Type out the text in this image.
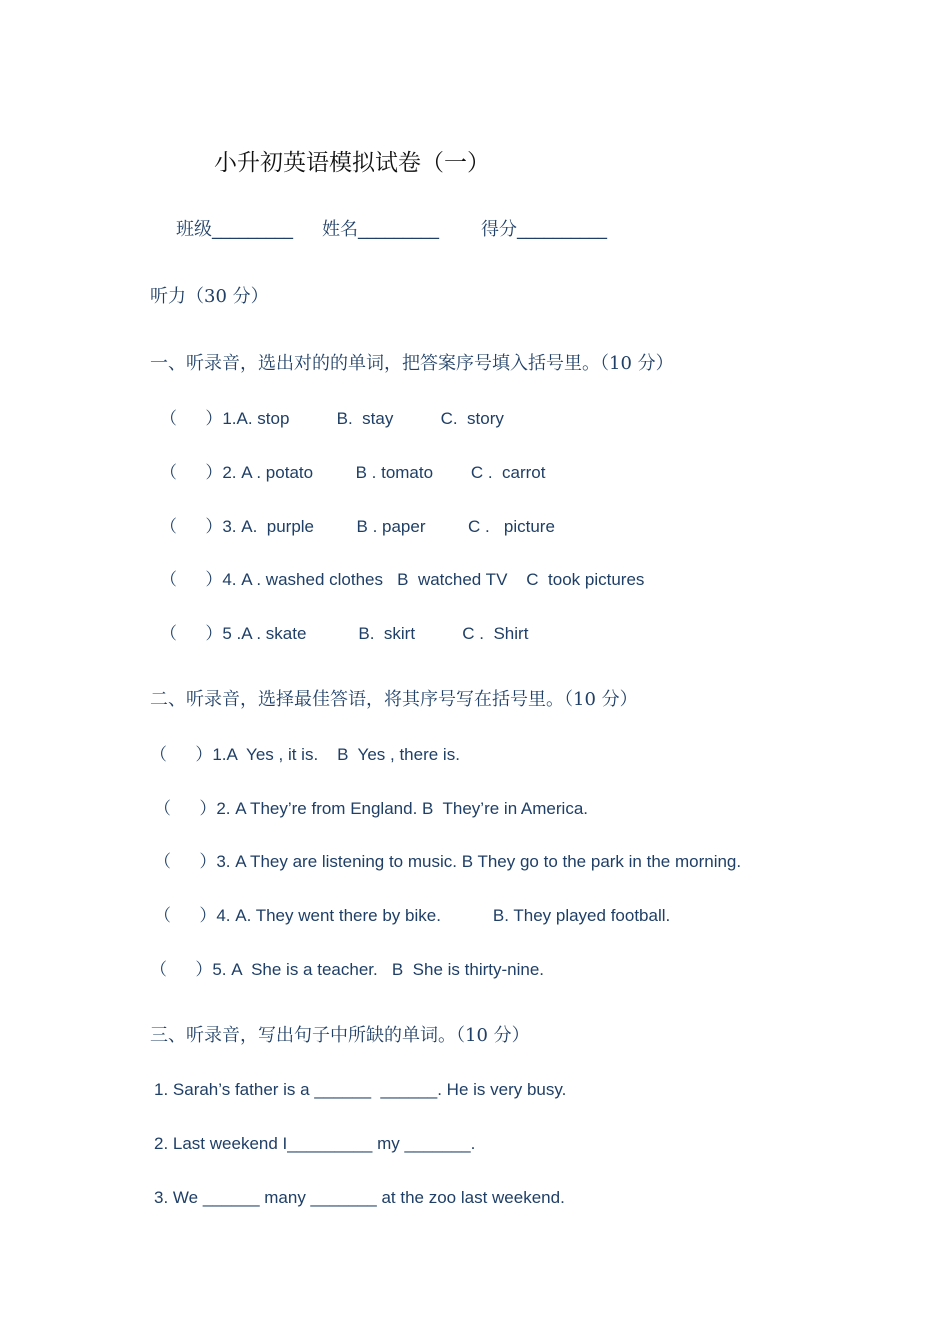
小升初英语模拟试卷（一）
班级_________ 姓名_________ 得分__________
听力（30 分）
一、听录音，选出对的的单词，把答案序号填入括号里。（10 分）
（      ）1.A. stop          B.  stay          C.  story
（      ）2. A . potato         B . tomato        C .  carrot
（      ）3. A.  purple         B . paper         C .   picture
（      ）4. A . washed clothes   B  watched TV    C  took pictures
（      ）5 .A . skate           B.  skirt          C .  Shirt
二、听录音，选择最佳答语，将其序号写在括号里。（10 分）
（      ）1.A  Yes , it is.    B  Yes , there is.
（      ）2. A They’re from England. B  They’re in America.
（      ）3. A They are listening to music. B They go to the park in the morning.
（      ）4. A. They went there by bike.           B. They played football.
（      ）5. A  She is a teacher.   B  She is thirty-nine.
三、听录音，写出句子中所缺的单词。（10 分）
1. Sarah’s father is a ______  ______. He is very busy.
2. Last weekend I_________ my _______.
3. We ______ many _______ at the zoo last weekend.
